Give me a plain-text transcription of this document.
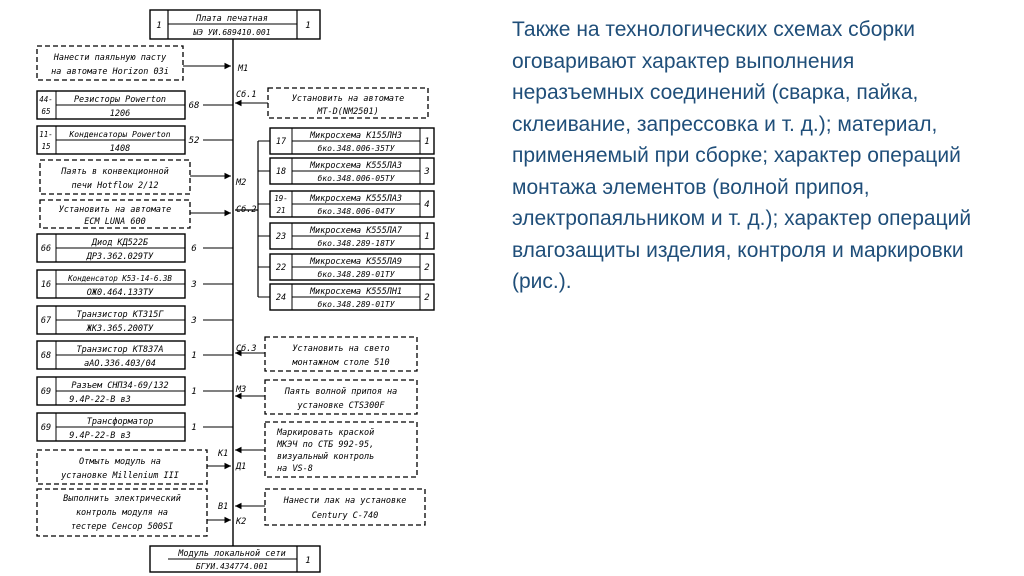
1
Плата печатная
ЫЭ УИ.689410.001
1
Модуль локальной сети
БГУИ.434774.001
1
Нанести паяльную пасту
на автомате Horizon 03i
Паять в конвекционной
печи Hotflow 2/12
Установить на автомате
ECM LUNA 600
Отмыть модуль на
установке Millenium III
Выполнить электрический
контроль модуля на
тестере Сенсор 500SI
44-
65
Резисторы Powerton
1206
68
11-
15
Конденсаторы Powerton
1408
52
66
Диод КД522Б
ДРЗ.362.029ТУ
6
16
Конденсатор К53-14-6.3В
ОЖ0.464.133ТУ
3
67
Транзистор КТ315Г
ЖК3.365.200ТУ
3
68
Транзистор КТ837А
аАО.336.403/04
1
69
Разъем СНП34-69/132
9.4Р-22-В в3
1
69
Трансформатор
9.4Р-22-В в3
1
Установить на автомате
MT-D(NM2501)
Установить на свето
монтажном столе 510
Паять волной припоя на
установке CTS300F
Маркировать краской
МКЭЧ по СТБ 992-95,
визуальный контроль
на VS-8
Нанести лак на установке
Century C-740
17
Микросхема К155ЛН3
бко.348.006-35ТУ
1
18
Микросхема К555ЛА3
бко.348.006-05ТУ
3
19-
21
Микросхема К555ЛА3
бко.348.006-04ТУ
4
23
Микросхема К555ЛА7
бко.348.289-18ТУ
1
22
Микросхема К555ЛА9
бко.348.289-01ТУ
2
24
Микросхема К555ЛН1
бко.348.289-01ТУ
2
М1
Сб.1
М2
Сб.2
Сб.3
М3
К1
Д1
В1
К2

Также на технологических схемах сборки оговаривают характер выполнения неразъемных соединений (сварка, пайка, склеивание, запрессовка и т. д.); материал, применяемый при сборке; характер операций монтажа элементов (волной припоя, электропаяльником и т. д.); характер операций влагозащиты изделия, контроля и маркировки (рис.).
